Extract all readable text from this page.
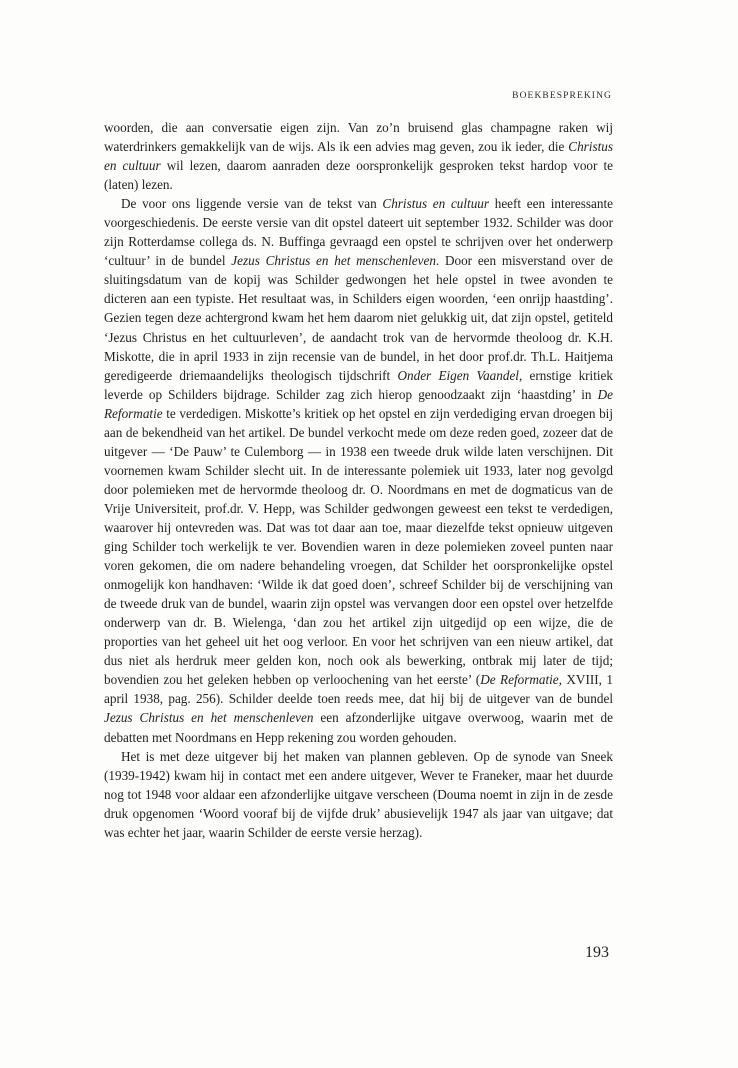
BOEKBESPREKING

woorden, die aan conversatie eigen zijn. Van zo’n bruisend glas champagne raken wij waterdrinkers gemakkelijk van de wijs. Als ik een advies mag geven, zou ik ieder, die Christus en cultuur wil lezen, daarom aanraden deze oorspronkelijk gesproken tekst hardop voor te (laten) lezen.

De voor ons liggende versie van de tekst van Christus en cultuur heeft een interessante voorgeschiedenis. De eerste versie van dit opstel dateert uit september 1932. Schilder was door zijn Rotterdamse collega ds. N. Buffinga gevraagd een opstel te schrijven over het onderwerp ‘cultuur’ in de bundel Jezus Christus en het menschenleven. Door een misverstand over de sluitingsdatum van de kopij was Schilder gedwongen het hele opstel in twee avonden te dicteren aan een typiste. Het resultaat was, in Schilders eigen woorden, ‘een onrijp haastding’. Gezien tegen deze achtergrond kwam het hem daarom niet gelukkig uit, dat zijn opstel, getiteld ‘Jezus Christus en het cultuurleven’, de aandacht trok van de hervormde theoloog dr. K.H. Miskotte, die in april 1933 in zijn recensie van de bundel, in het door prof.dr. Th.L. Haitjema geredigeerde driemaandelijks theologisch tijdschrift Onder Eigen Vaandel, ernstige kritiek leverde op Schilders bijdrage. Schilder zag zich hierop genoodzaakt zijn ‘haastding’ in De Reformatie te verdedigen. Miskotte’s kritiek op het opstel en zijn verdediging ervan droegen bij aan de bekendheid van het artikel. De bundel verkocht mede om deze reden goed, zozeer dat de uitgever — ‘De Pauw’ te Culemborg — in 1938 een tweede druk wilde laten verschijnen. Dit voornemen kwam Schilder slecht uit. In de interessante polemiek uit 1933, later nog gevolgd door polemieken met de hervormde theoloog dr. O. Noordmans en met de dogmaticus van de Vrije Universiteit, prof.dr. V. Hepp, was Schilder gedwongen geweest een tekst te verdedigen, waarover hij ontevreden was. Dat was tot daar aan toe, maar diezelfde tekst opnieuw uitgeven ging Schilder toch werkelijk te ver. Bovendien waren in deze polemieken zoveel punten naar voren gekomen, die om nadere behandeling vroegen, dat Schilder het oorspronkelijke opstel onmogelijk kon handhaven: ‘Wilde ik dat goed doen’, schreef Schilder bij de verschijning van de tweede druk van de bundel, waarin zijn opstel was vervangen door een opstel over hetzelfde onderwerp van dr. B. Wielenga, ‘dan zou het artikel zijn uitgedijd op een wijze, die de proporties van het geheel uit het oog verloor. En voor het schrijven van een nieuw artikel, dat dus niet als herdruk meer gelden kon, noch ook als bewerking, ontbrak mij later de tijd; bovendien zou het geleken hebben op verloochening van het eerste’ (De Reformatie, XVIII, 1 april 1938, pag. 256). Schilder deelde toen reeds mee, dat hij bij de uitgever van de bundel Jezus Christus en het menschenleven een afzonderlijke uitgave overwoog, waarin met de debatten met Noordmans en Hepp rekening zou worden gehouden.

Het is met deze uitgever bij het maken van plannen gebleven. Op de synode van Sneek (1939-1942) kwam hij in contact met een andere uitgever, Wever te Franeker, maar het duurde nog tot 1948 voor aldaar een afzonderlijke uitgave verscheen (Douma noemt in zijn in de zesde druk opgenomen ‘Woord vooraf bij de vijfde druk’ abusievelijk 1947 als jaar van uitgave; dat was echter het jaar, waarin Schilder de eerste versie herzag).

193
